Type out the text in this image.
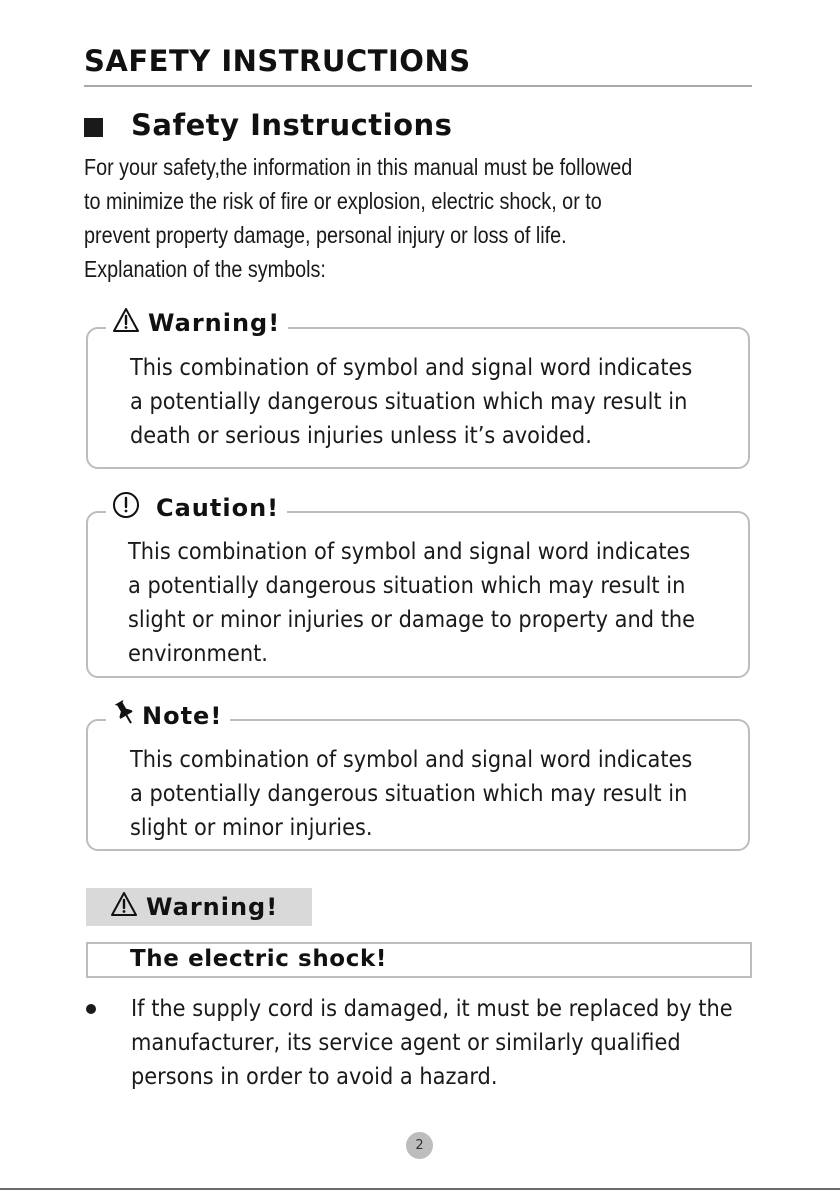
SAFETY INSTRUCTIONS
Safety Instructions

For your safety,the information in this manual must be followed

to minimize the risk of fire or explosion, electric shock, or to

prevent property damage, personal injury or loss of life.

Explanation of the symbols:

Warning!

This combination of symbol and signal word indicates

a potentially dangerous situation which may result in

death or serious injuries unless it’s avoided.

Caution!

This combination of symbol and signal word indicates

a potentially dangerous situation which may result in

slight or minor injuries or damage to property and the

environment.

Note!

This combination of symbol and signal word indicates

a potentially dangerous situation which may result in

slight or minor injuries.

Warning!
The electric shock!

If the supply cord is damaged, it must be replaced by the

manufacturer, its service agent or similarly qualified

persons in order to avoid a hazard.

2
